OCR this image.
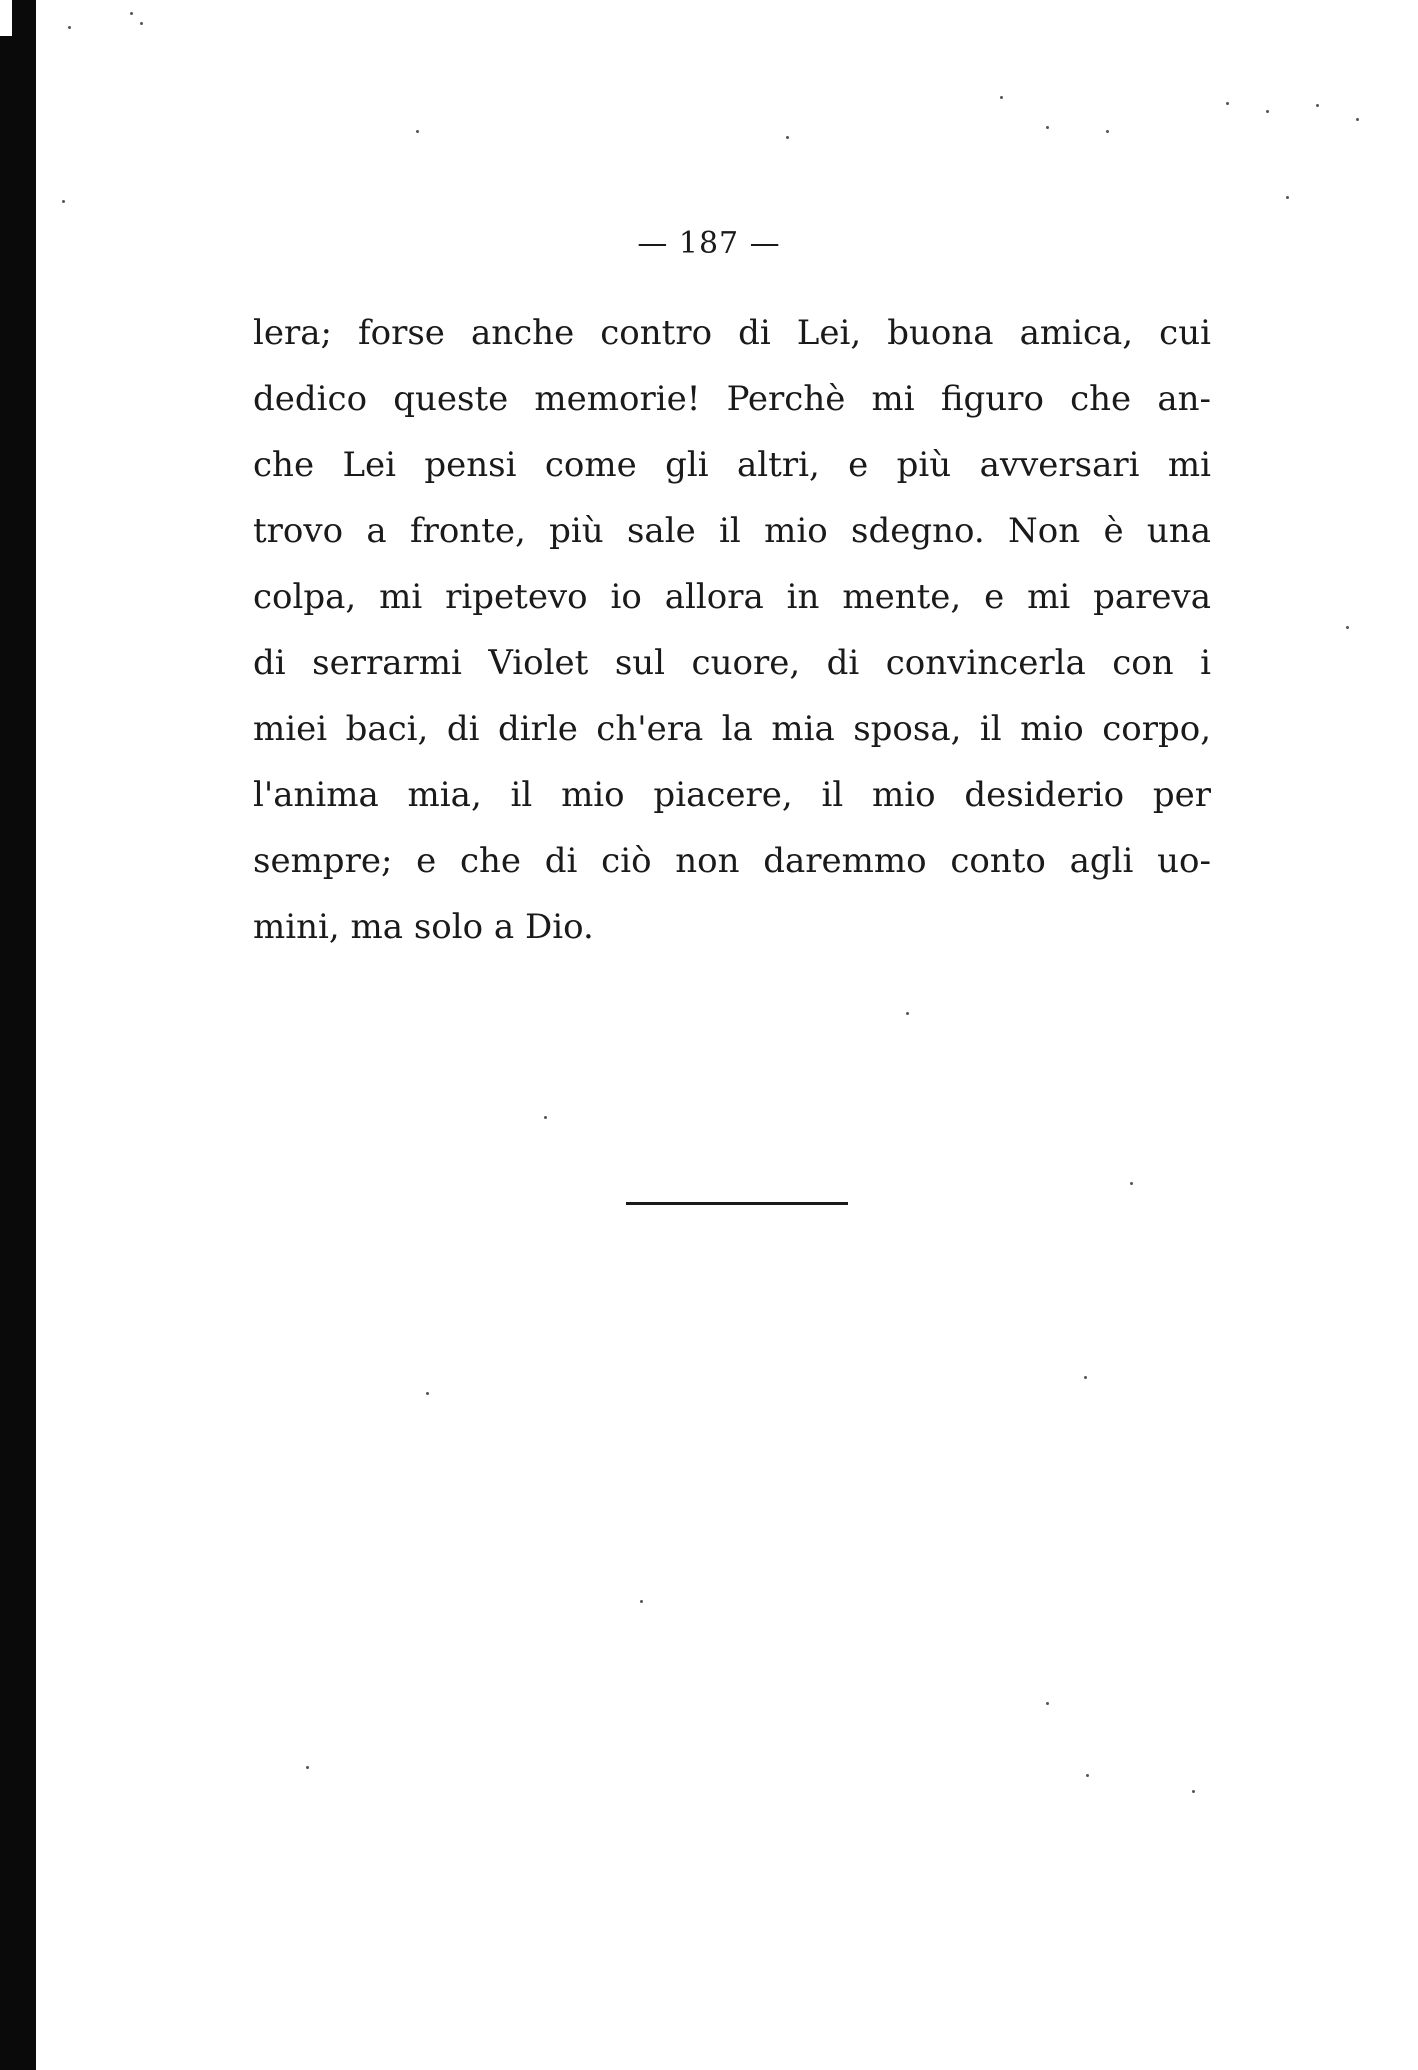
— 187 —
lera; forse anche contro di Lei, buona amica, cui
dedico queste memorie! Perchè mi figuro che an-
che Lei pensi come gli altri, e più avversari mi
trovo a fronte, più sale il mio sdegno. Non è una
colpa, mi ripetevo io allora in mente, e mi pareva
di serrarmi Violet sul cuore, di convincerla con i
miei baci, di dirle ch'era la mia sposa, il mio corpo,
l'anima mia, il mio piacere, il mio desiderio per
sempre; e che di ciò non daremmo conto agli uo-
mini, ma solo a Dio.
